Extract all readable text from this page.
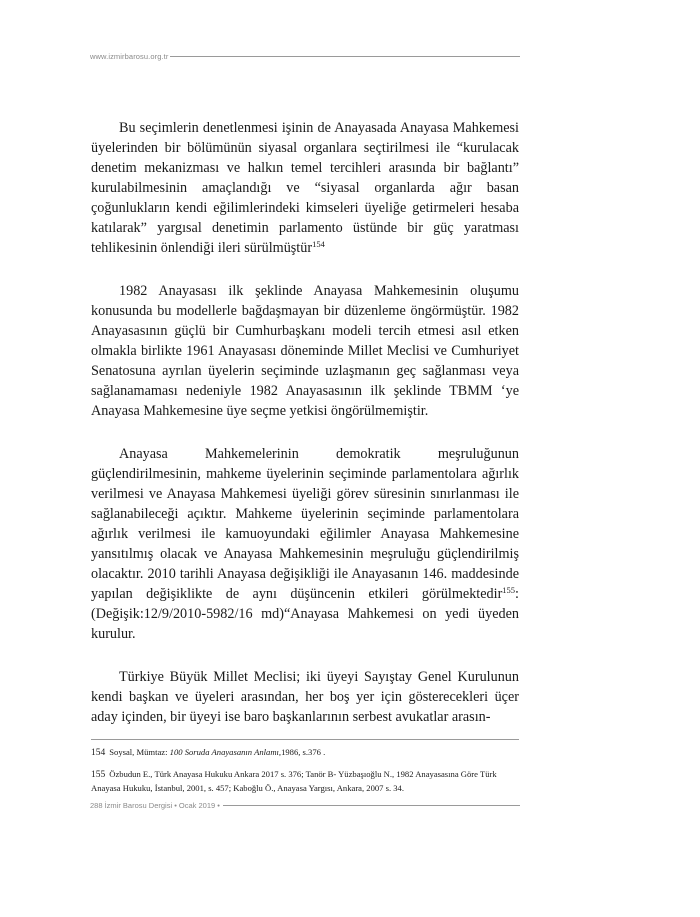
www.izmirbarosu.org.tr

Bu seçimlerin denetlenmesi işinin de Anayasada Anayasa Mahkemesi üyelerinden bir bölümünün siyasal organlara seçtirilmesi ile “kurulacak denetim mekanizması ve halkın temel tercihleri arasında bir bağlantı” kurulabilmesinin amaçlandığı ve “siyasal organlarda ağır basan çoğunlukların kendi eğilimlerindeki kimseleri üyeliğe getirmeleri hesaba katılarak” yargısal denetimin parlamento üstünde bir güç yaratması tehlikesinin önlendiği ileri sürülmüştür$^{154}$

1982 Anayasası ilk şeklinde Anayasa Mahkemesinin oluşumu konusunda bu modellerle bağdaşmayan bir düzenleme öngörmüştür. 1982 Anayasasının güçlü bir Cumhurbaşkanı modeli tercih etmesi asıl etken olmakla birlikte 1961 Anayasası döneminde Millet Meclisi ve Cumhuriyet Senatosuna ayrılan üyelerin seçiminde uzlaşmanın geç sağlanması veya sağlanamaması nedeniyle 1982 Anayasasının ilk şeklinde TBMM ‘ye Anayasa Mahkemesine üye seçme yetkisi öngörülmemiştir.

Anayasa Mahkemelerinin demokratik meşruluğunun güçlendirilmesinin, mahkeme üyelerinin seçiminde parlamentolara ağırlık verilmesi ve Anayasa Mahkemesi üyeliği görev süresinin sınırlanması ile sağlanabileceği açıktır. Mahkeme üyelerinin seçiminde parlamentolara ağırlık verilmesi ile kamuoyundaki eğilimler Anayasa Mahkemesine yansıtılmış olacak ve Anayasa Mahkemesinin meşruluğu güçlendirilmiş olacaktır. 2010 tarihli Anayasa değişikliği ile Anayasanın 146. maddesinde yapılan değişiklikte de aynı düşüncenin etkileri görülmektedir$^{155}$: (Değişik:12/9/2010-5982/16 md)“Anayasa Mahkemesi on yedi üyeden kurulur.

Türkiye Büyük Millet Meclisi; iki üyeyi Sayıştay Genel Kurulunun kendi başkan ve üyeleri arasından, her boş yer için gösterecekleri üçer aday içinden, bir üyeyi ise baro başkanlarının serbest avukatlar arasın-

154 Soysal, Mümtaz: 100 Soruda Anayasanın Anlamı,1986, s.376 .
155 Özbudun E., Türk Anayasa Hukuku Ankara 2017 s. 376; Tanör B- Yüzbaşıoğlu N., 1982 Anayasasına Göre Türk Anayasa Hukuku, İstanbul, 2001, s. 457; Kaboğlu Ö., Anayasa Yargısı, Ankara, 2007 s. 34.
288 İzmir Barosu Dergisi • Ocak 2019 •
